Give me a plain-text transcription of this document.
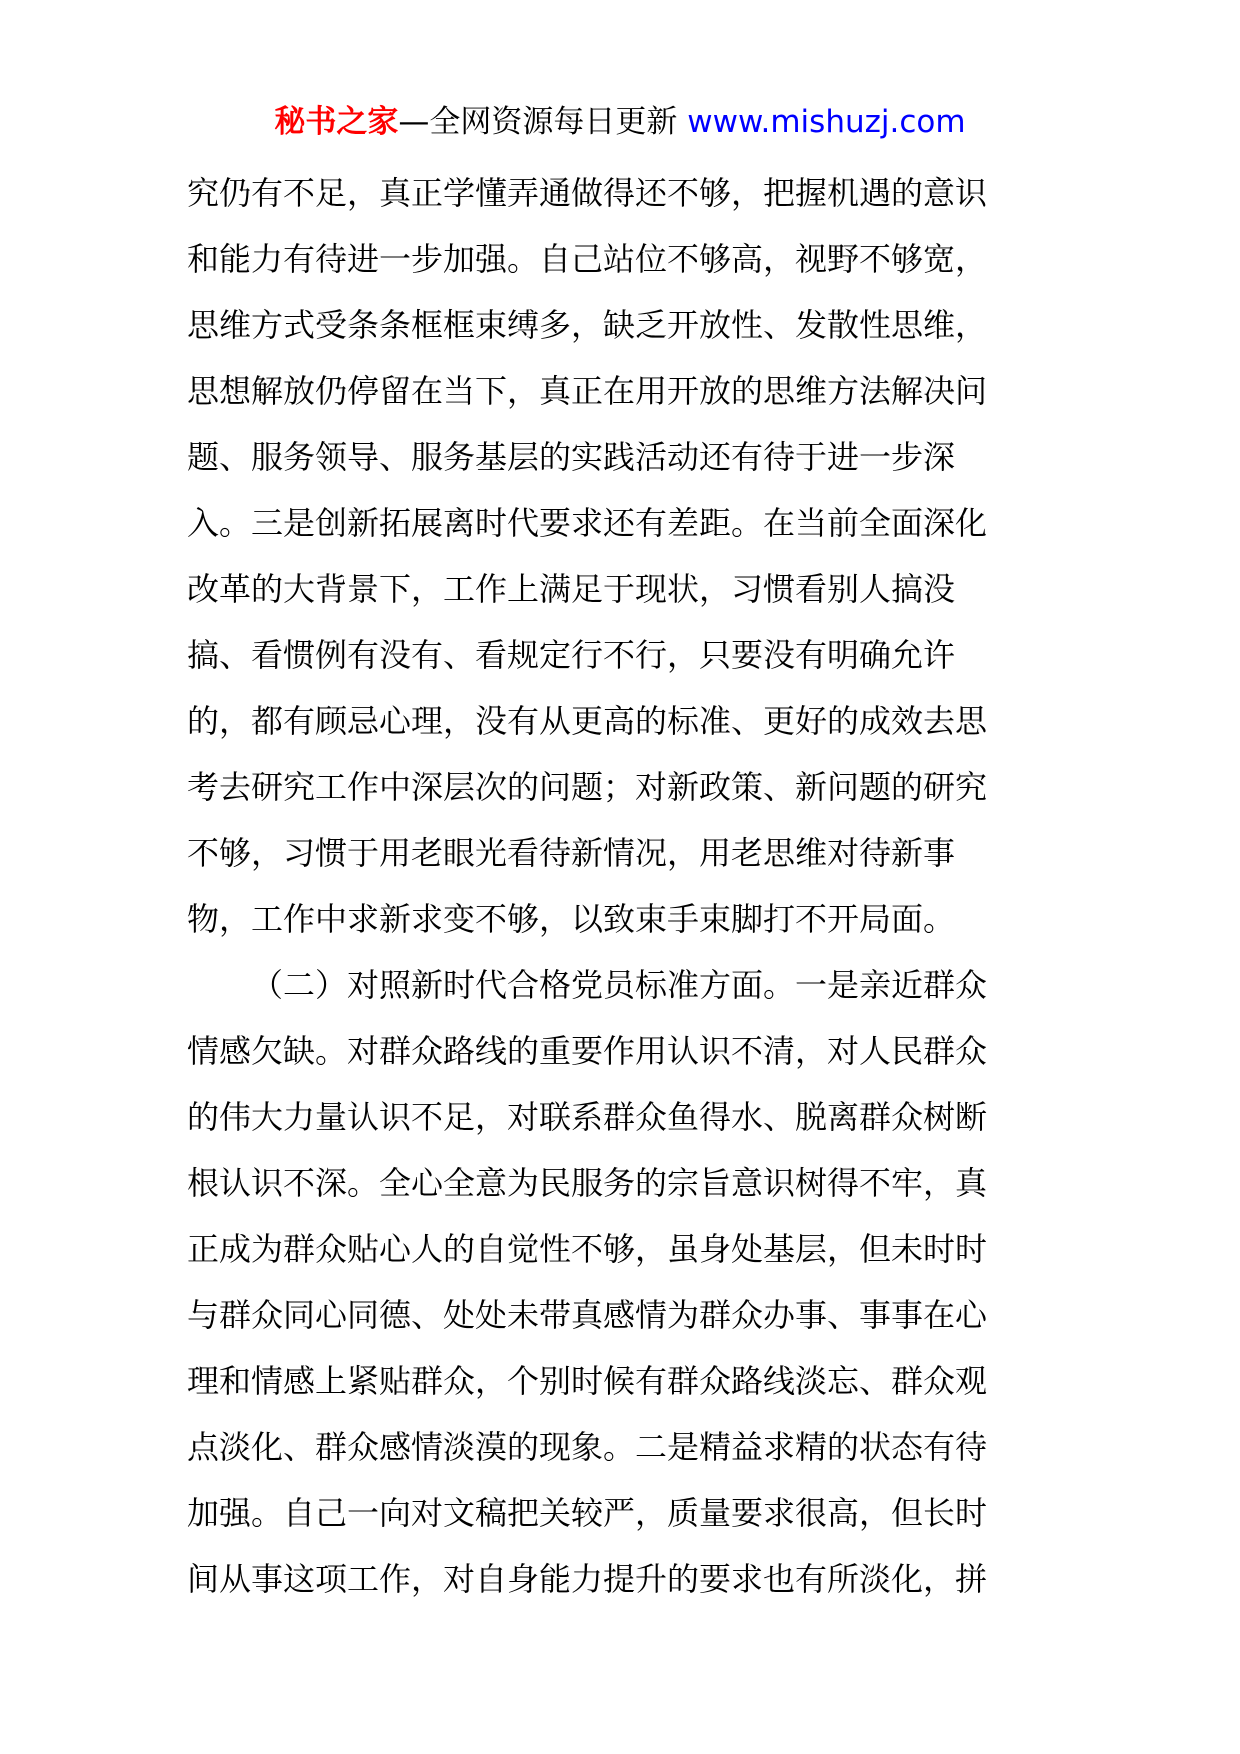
秘书之家—全网资源每日更新 www.mishuzj.com
究仍有不足，真正学懂弄通做得还不够，把握机遇的意识
和能力有待进一步加强。自己站位不够高，视野不够宽，
思维方式受条条框框束缚多，缺乏开放性、发散性思维，
思想解放仍停留在当下，真正在用开放的思维方法解决问
题、服务领导、服务基层的实践活动还有待于进一步深
入。三是创新拓展离时代要求还有差距。在当前全面深化
改革的大背景下，工作上满足于现状，习惯看别人搞没
搞、看惯例有没有、看规定行不行，只要没有明确允许
的，都有顾忌心理，没有从更高的标准、更好的成效去思
考去研究工作中深层次的问题；对新政策、新问题的研究
不够，习惯于用老眼光看待新情况，用老思维对待新事
物，工作中求新求变不够，以致束手束脚打不开局面。
（二）对照新时代合格党员标准方面。一是亲近群众
情感欠缺。对群众路线的重要作用认识不清，对人民群众
的伟大力量认识不足，对联系群众鱼得水、脱离群众树断
根认识不深。全心全意为民服务的宗旨意识树得不牢，真
正成为群众贴心人的自觉性不够，虽身处基层，但未时时
与群众同心同德、处处未带真感情为群众办事、事事在心
理和情感上紧贴群众，个别时候有群众路线淡忘、群众观
点淡化、群众感情淡漠的现象。二是精益求精的状态有待
加强。自己一向对文稿把关较严，质量要求很高，但长时
间从事这项工作，对自身能力提升的要求也有所淡化，拼
